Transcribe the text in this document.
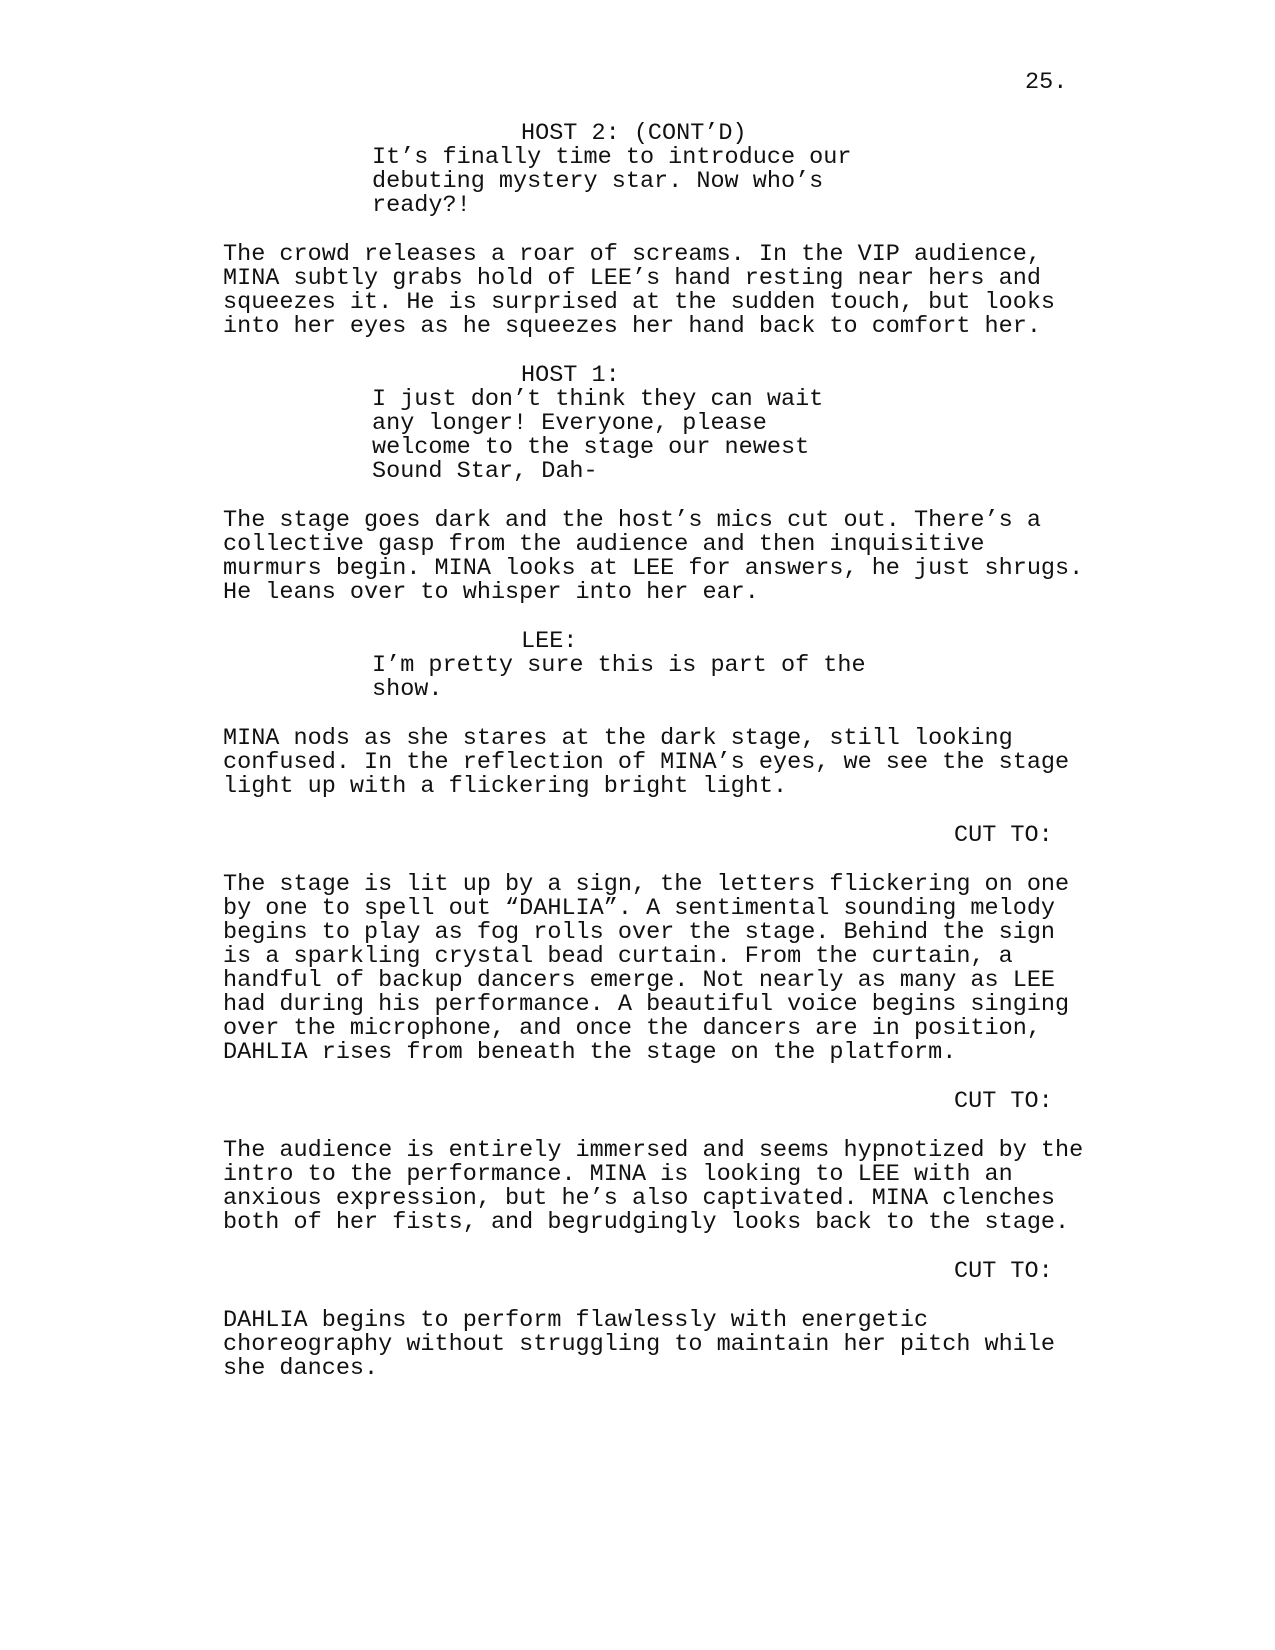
25.
HOST 2: (CONT’D)
It’s finally time to introduce our
debuting mystery star. Now who’s
ready?!
The crowd releases a roar of screams. In the VIP audience,
MINA subtly grabs hold of LEE’s hand resting near hers and
squeezes it. He is surprised at the sudden touch, but looks
into her eyes as he squeezes her hand back to comfort her.
HOST 1:
I just don’t think they can wait
any longer! Everyone, please
welcome to the stage our newest
Sound Star, Dah-
The stage goes dark and the host’s mics cut out. There’s a
collective gasp from the audience and then inquisitive
murmurs begin. MINA looks at LEE for answers, he just shrugs.
He leans over to whisper into her ear.
LEE:
I’m pretty sure this is part of the
show.
MINA nods as she stares at the dark stage, still looking
confused. In the reflection of MINA’s eyes, we see the stage
light up with a flickering bright light.
CUT TO:
The stage is lit up by a sign, the letters flickering on one
by one to spell out “DAHLIA”. A sentimental sounding melody
begins to play as fog rolls over the stage. Behind the sign
is a sparkling crystal bead curtain. From the curtain, a
handful of backup dancers emerge. Not nearly as many as LEE
had during his performance. A beautiful voice begins singing
over the microphone, and once the dancers are in position,
DAHLIA rises from beneath the stage on the platform.
CUT TO:
The audience is entirely immersed and seems hypnotized by the
intro to the performance. MINA is looking to LEE with an
anxious expression, but he’s also captivated. MINA clenches
both of her fists, and begrudgingly looks back to the stage.
CUT TO:
DAHLIA begins to perform flawlessly with energetic
choreography without struggling to maintain her pitch while
she dances.
